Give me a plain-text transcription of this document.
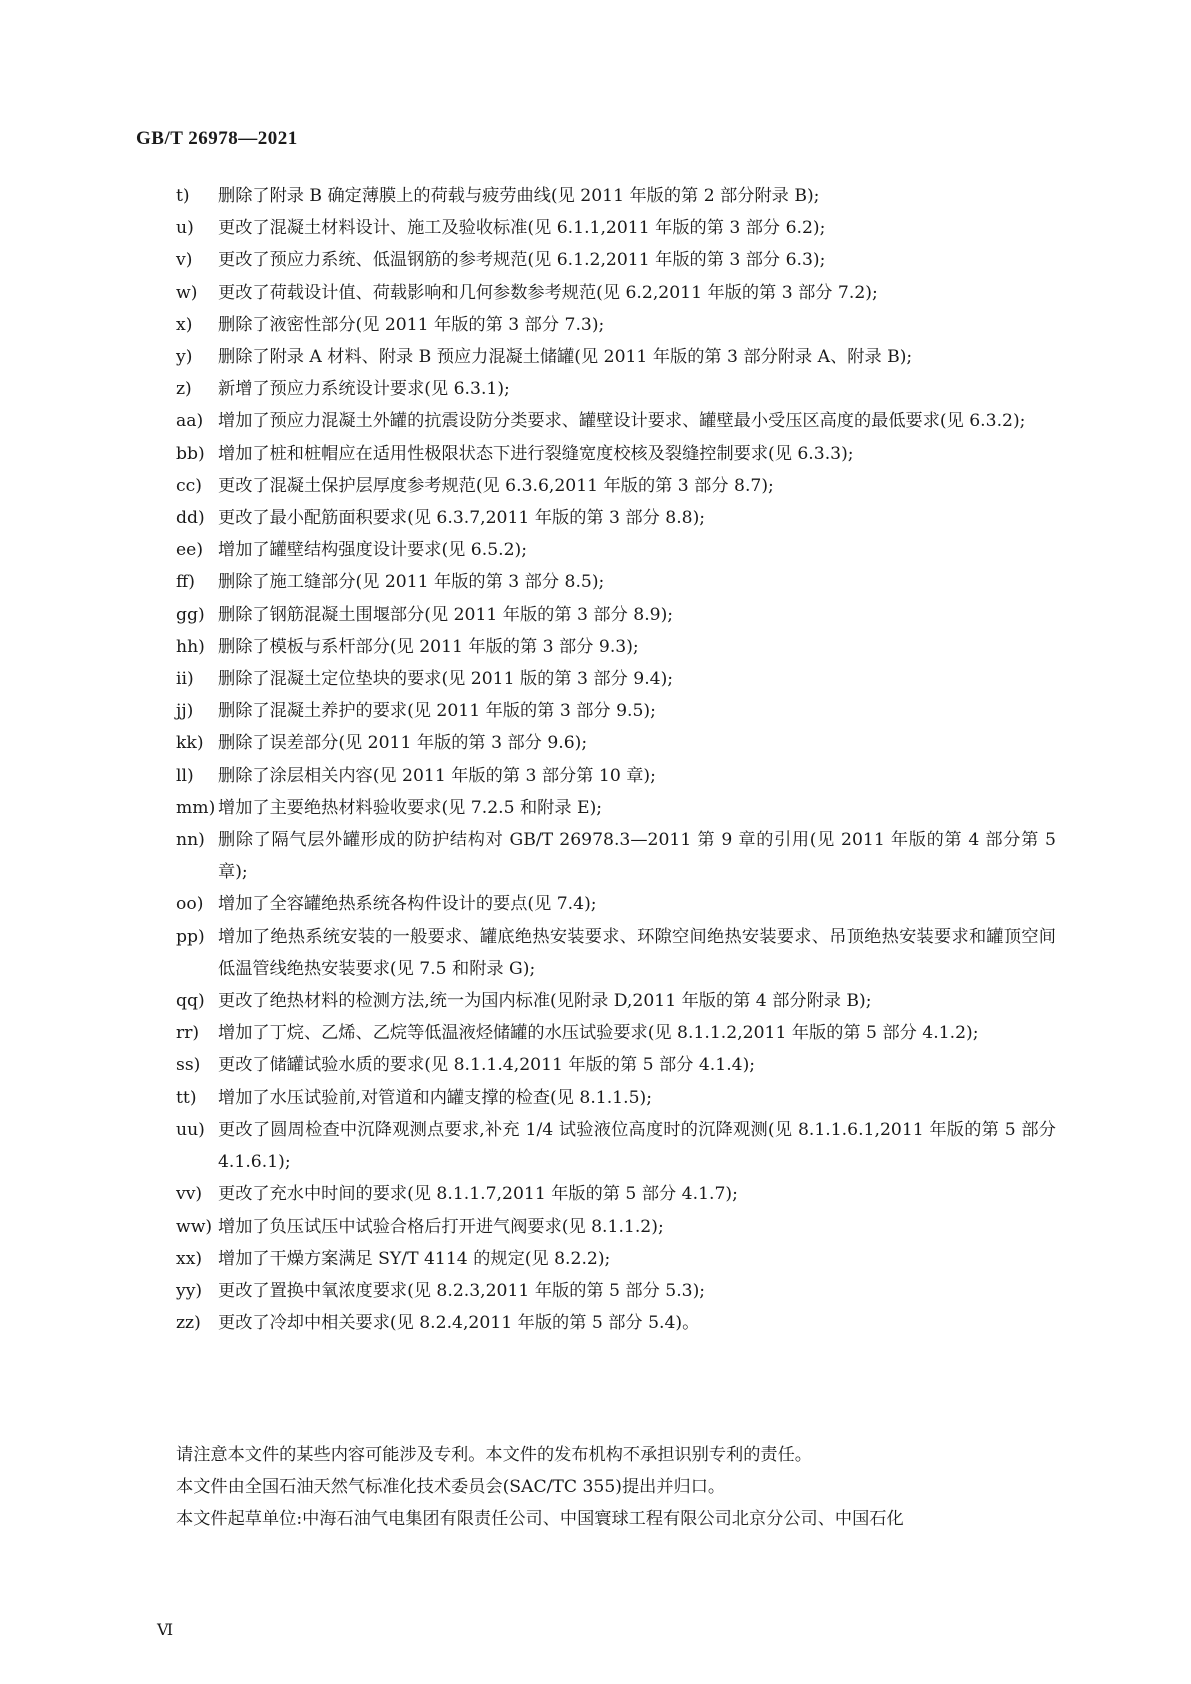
GB/T 26978—2021
t)	删除了附录 B 确定薄膜上的荷载与疲劳曲线(见 2011 年版的第 2 部分附录 B);
u)	更改了混凝土材料设计、施工及验收标准(见 6.1.1,2011 年版的第 3 部分 6.2);
v)	更改了预应力系统、低温钢筋的参考规范(见 6.1.2,2011 年版的第 3 部分 6.3);
w)	更改了荷载设计值、荷载影响和几何参数参考规范(见 6.2,2011 年版的第 3 部分 7.2);
x)	删除了液密性部分(见 2011 年版的第 3 部分 7.3);
y)	删除了附录 A 材料、附录 B 预应力混凝土储罐(见 2011 年版的第 3 部分附录 A、附录 B);
z)	新增了预应力系统设计要求(见 6.3.1);
aa) 增加了预应力混凝土外罐的抗震设防分类要求、罐壁设计要求、罐壁最小受压区高度的最低要求(见 6.3.2);
bb) 增加了桩和桩帽应在适用性极限状态下进行裂缝宽度校核及裂缝控制要求(见 6.3.3);
cc) 更改了混凝土保护层厚度参考规范(见 6.3.6,2011 年版的第 3 部分 8.7);
dd) 更改了最小配筋面积要求(见 6.3.7,2011 年版的第 3 部分 8.8);
ee) 增加了罐壁结构强度设计要求(见 6.5.2);
ff)	删除了施工缝部分(见 2011 年版的第 3 部分 8.5);
gg) 删除了钢筋混凝土围堰部分(见 2011 年版的第 3 部分 8.9);
hh) 删除了模板与系杆部分(见 2011 年版的第 3 部分 9.3);
ii)	删除了混凝土定位垫块的要求(见 2011 版的第 3 部分 9.4);
jj)	删除了混凝土养护的要求(见 2011 年版的第 3 部分 9.5);
kk) 删除了误差部分(见 2011 年版的第 3 部分 9.6);
ll)	删除了涂层相关内容(见 2011 年版的第 3 部分第 10 章);
mm) 增加了主要绝热材料验收要求(见 7.2.5 和附录 E);
nn) 删除了隔气层外罐形成的防护结构对 GB/T 26978.3—2011 第 9 章的引用(见 2011 年版的第 4 部分第 5 章);
oo) 增加了全容罐绝热系统各构件设计的要点(见 7.4);
pp) 增加了绝热系统安装的一般要求、罐底绝热安装要求、环隙空间绝热安装要求、吊顶绝热安装要求和罐顶空间低温管线绝热安装要求(见 7.5 和附录 G);
qq) 更改了绝热材料的检测方法,统一为国内标准(见附录 D,2011 年版的第 4 部分附录 B);
rr)	增加了丁烷、乙烯、乙烷等低温液烃储罐的水压试验要求(见 8.1.1.2,2011 年版的第 5 部分 4.1.2);
ss)	更改了储罐试验水质的要求(见 8.1.1.4,2011 年版的第 5 部分 4.1.4);
tt)	增加了水压试验前,对管道和内罐支撑的检查(见 8.1.1.5);
uu) 更改了圆周检查中沉降观测点要求,补充 1/4 试验液位高度时的沉降观测(见 8.1.1.6.1,2011 年版的第 5 部分 4.1.6.1);
vv) 更改了充水中时间的要求(见 8.1.1.7,2011 年版的第 5 部分 4.1.7);
ww) 增加了负压试压中试验合格后打开进气阀要求(见 8.1.1.2);
xx) 增加了干燥方案满足 SY/T 4114 的规定(见 8.2.2);
yy) 更改了置换中氧浓度要求(见 8.2.3,2011 年版的第 5 部分 5.3);
zz) 更改了冷却中相关要求(见 8.2.4,2011 年版的第 5 部分 5.4)。
请注意本文件的某些内容可能涉及专利。本文件的发布机构不承担识别专利的责任。
本文件由全国石油天然气标准化技术委员会(SAC/TC 355)提出并归口。
本文件起草单位:中海石油气电集团有限责任公司、中国寰球工程有限公司北京分公司、中国石化
Ⅵ
